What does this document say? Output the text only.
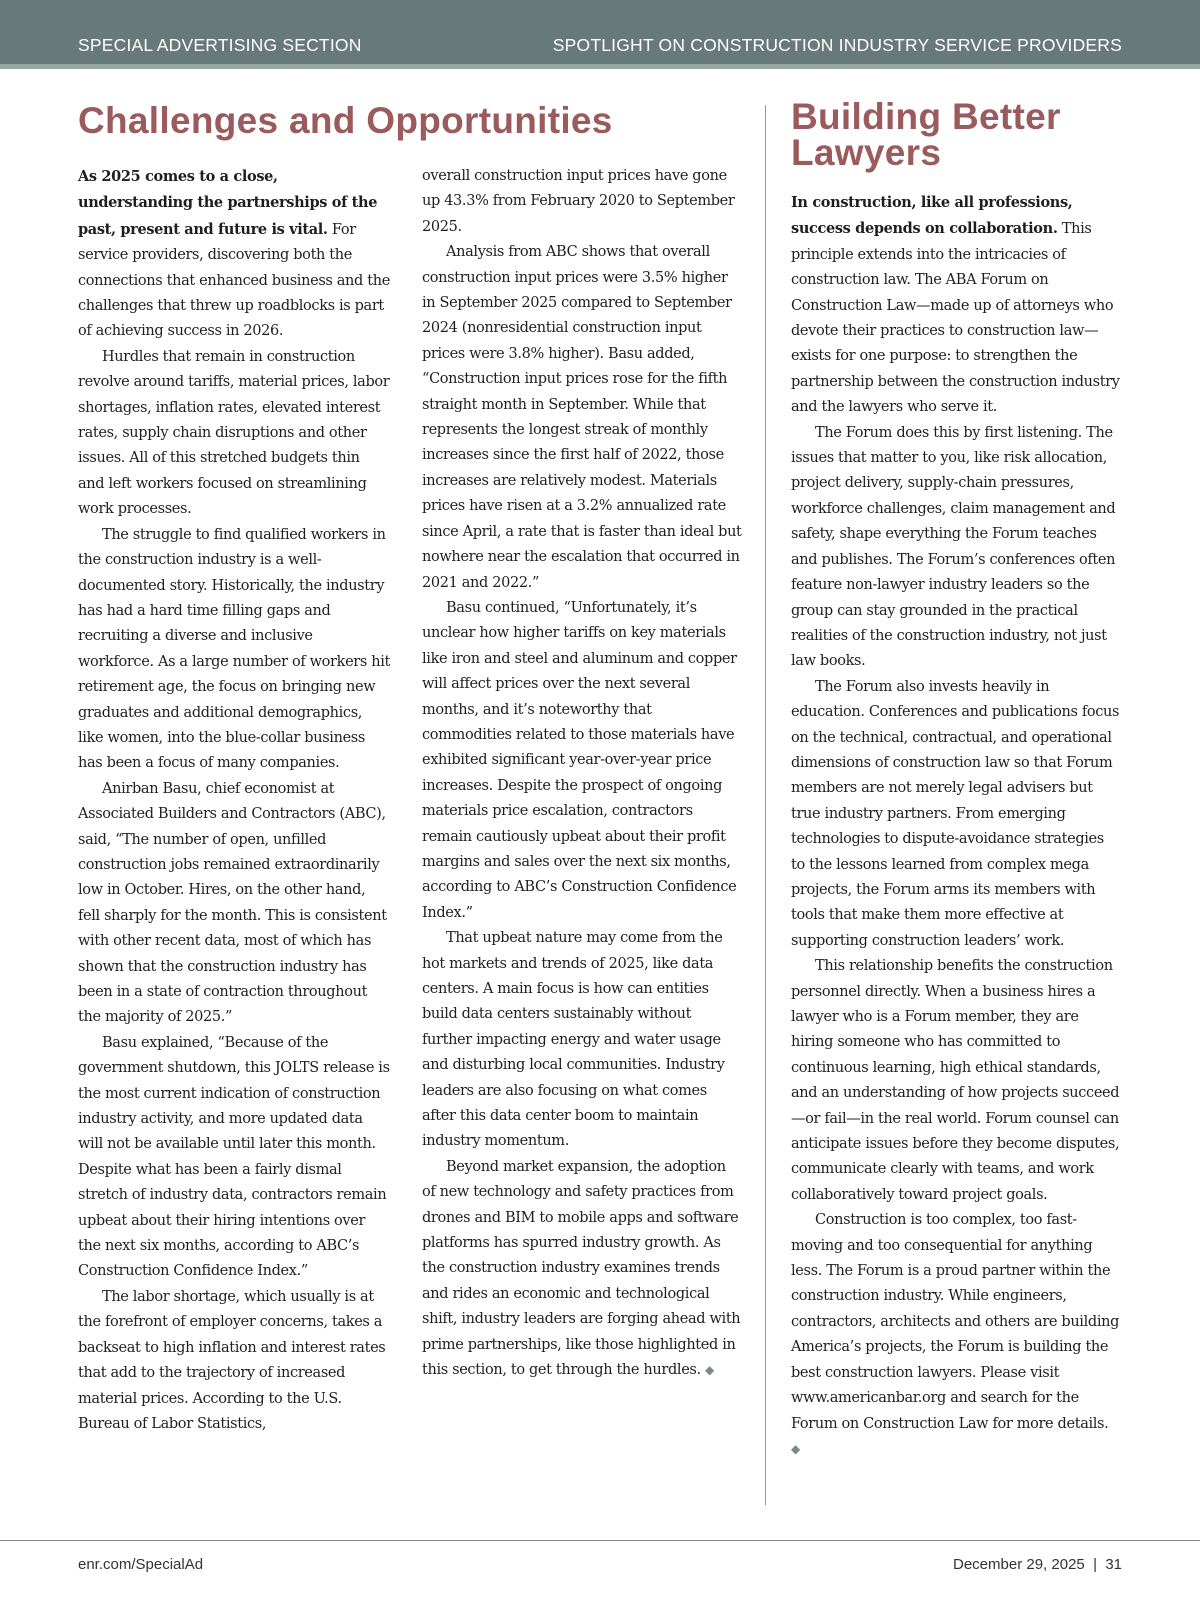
SPECIAL ADVERTISING SECTION	SPOTLIGHT ON CONSTRUCTION INDUSTRY SERVICE PROVIDERS
Challenges and Opportunities	Building Better Lawyers

As 2025 comes to a close, understanding the partnerships of the past, present and future is vital. For service providers, discovering both the connections that enhanced business and the challenges that threw up roadblocks is part of achieving success in 2026.

Hurdles that remain in construction revolve around tariffs, material prices, labor shortages, inflation rates, elevated interest rates, supply chain disruptions and other issues. All of this stretched budgets thin and left workers focused on streamlining work processes.

The struggle to find qualified workers in the construction industry is a well-documented story. Historically, the industry has had a hard time filling gaps and recruiting a diverse and inclusive workforce. As a large number of workers hit retirement age, the focus on bringing new graduates and additional demographics, like women, into the blue-collar business has been a focus of many companies.

Anirban Basu, chief economist at Associated Builders and Contractors (ABC), said, “The number of open, unfilled construction jobs remained extraordinarily low in October. Hires, on the other hand, fell sharply for the month. This is consistent with other recent data, most of which has shown that the construction industry has been in a state of contraction throughout the majority of 2025.”

Basu explained, “Because of the government shutdown, this JOLTS release is the most current indication of construction industry activity, and more updated data will not be available until later this month. Despite what has been a fairly dismal stretch of industry data, contractors remain upbeat about their hiring intentions over the next six months, according to ABC’s Construction Confidence Index.”

The labor shortage, which usually is at the forefront of employer concerns, takes a backseat to high inflation and interest rates that add to the trajectory of increased material prices. According to the U.S. Bureau of Labor Statistics,

overall construction input prices have gone up 43.3% from February 2020 to September 2025.

Analysis from ABC shows that overall construction input prices were 3.5% higher in September 2025 compared to September 2024 (nonresidential construction input prices were 3.8% higher). Basu added, “Construction input prices rose for the fifth straight month in September. While that represents the longest streak of monthly increases since the first half of 2022, those increases are relatively modest. Materials prices have risen at a 3.2% annualized rate since April, a rate that is faster than ideal but nowhere near the escalation that occurred in 2021 and 2022.”

Basu continued, “Unfortunately, it’s unclear how higher tariffs on key materials like iron and steel and aluminum and copper will affect prices over the next several months, and it’s noteworthy that commodities related to those materials have exhibited significant year-over-year price increases. Despite the prospect of ongoing materials price escalation, contractors remain cautiously upbeat about their profit margins and sales over the next six months, according to ABC’s Construction Confidence Index.”

That upbeat nature may come from the hot markets and trends of 2025, like data centers. A main focus is how can entities build data centers sustainably without further impacting energy and water usage and disturbing local communities. Industry leaders are also focusing on what comes after this data center boom to maintain industry momentum.

Beyond market expansion, the adoption of new technology and safety practices from drones and BIM to mobile apps and software platforms has spurred industry growth. As the construction industry examines trends and rides an economic and technological shift, industry leaders are forging ahead with prime partnerships, like those highlighted in this section, to get through the hurdles. ◆

In construction, like all professions, success depends on collaboration. This principle extends into the intricacies of construction law. The ABA Forum on Construction Law—made up of attorneys who devote their practices to construction law—exists for one purpose: to strengthen the partnership between the construction industry and the lawyers who serve it.

The Forum does this by first listening. The issues that matter to you, like risk allocation, project delivery, supply-chain pressures, workforce challenges, claim management and safety, shape everything the Forum teaches and publishes. The Forum’s conferences often feature non-lawyer industry leaders so the group can stay grounded in the practical realities of the construction industry, not just law books.

The Forum also invests heavily in education. Conferences and publications focus on the technical, contractual, and operational dimensions of construction law so that Forum members are not merely legal advisers but true industry partners. From emerging technologies to dispute-avoidance strategies to the lessons learned from complex mega projects, the Forum arms its members with tools that make them more effective at supporting construction leaders’ work.

This relationship benefits the construction personnel directly. When a business hires a lawyer who is a Forum member, they are hiring someone who has committed to continuous learning, high ethical standards, and an understanding of how projects succeed—or fail—in the real world. Forum counsel can anticipate issues before they become disputes, communicate clearly with teams, and work collaboratively toward project goals.

Construction is too complex, too fast-moving and too consequential for anything less. The Forum is a proud partner within the construction industry. While engineers, contractors, architects and others are building America’s projects, the Forum is building the best construction lawyers. Please visit www.americanbar.org and search for the Forum on Construction Law for more details. ◆

enr.com/SpecialAd	December 29, 2025  |  31
